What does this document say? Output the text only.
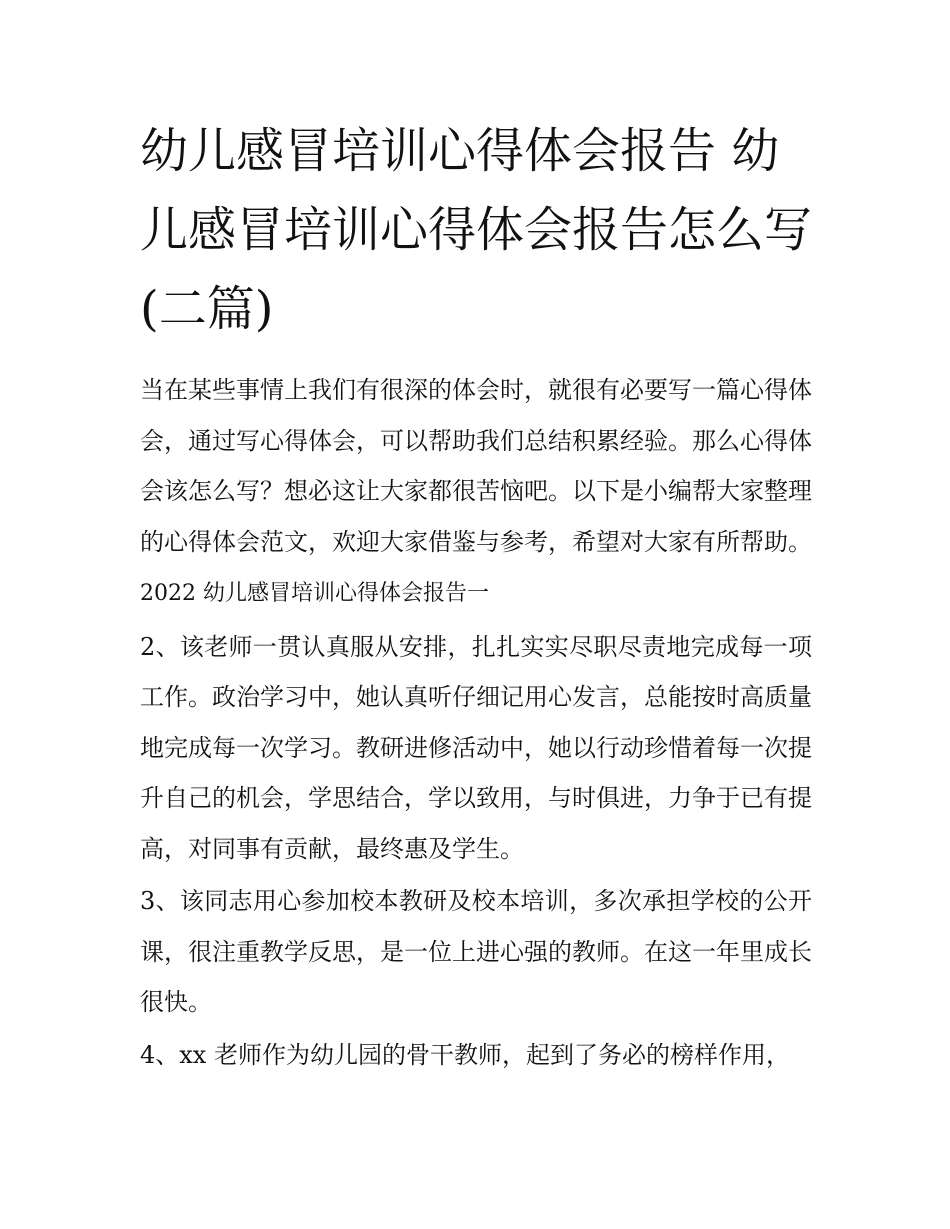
幼儿感冒培训心得体会报告 幼儿感冒培训心得体会报告怎么写(二篇)

当在某些事情上我们有很深的体会时，就很有必要写一篇心得体会，通过写心得体会，可以帮助我们总结积累经验。那么心得体会该怎么写？想必这让大家都很苦恼吧。以下是小编帮大家整理的心得体会范文，欢迎大家借鉴与参考，希望对大家有所帮助。

2022 幼儿感冒培训心得体会报告一

2、该老师一贯认真服从安排，扎扎实实尽职尽责地完成每一项工作。政治学习中，她认真听仔细记用心发言，总能按时高质量地完成每一次学习。教研进修活动中，她以行动珍惜着每一次提升自己的机会，学思结合，学以致用，与时俱进，力争于已有提高，对同事有贡献，最终惠及学生。

3、该同志用心参加校本教研及校本培训，多次承担学校的公开课，很注重教学反思，是一位上进心强的教师。在这一年里成长很快。

4、xx 老师作为幼儿园的骨干教师，起到了务必的榜样作用，
